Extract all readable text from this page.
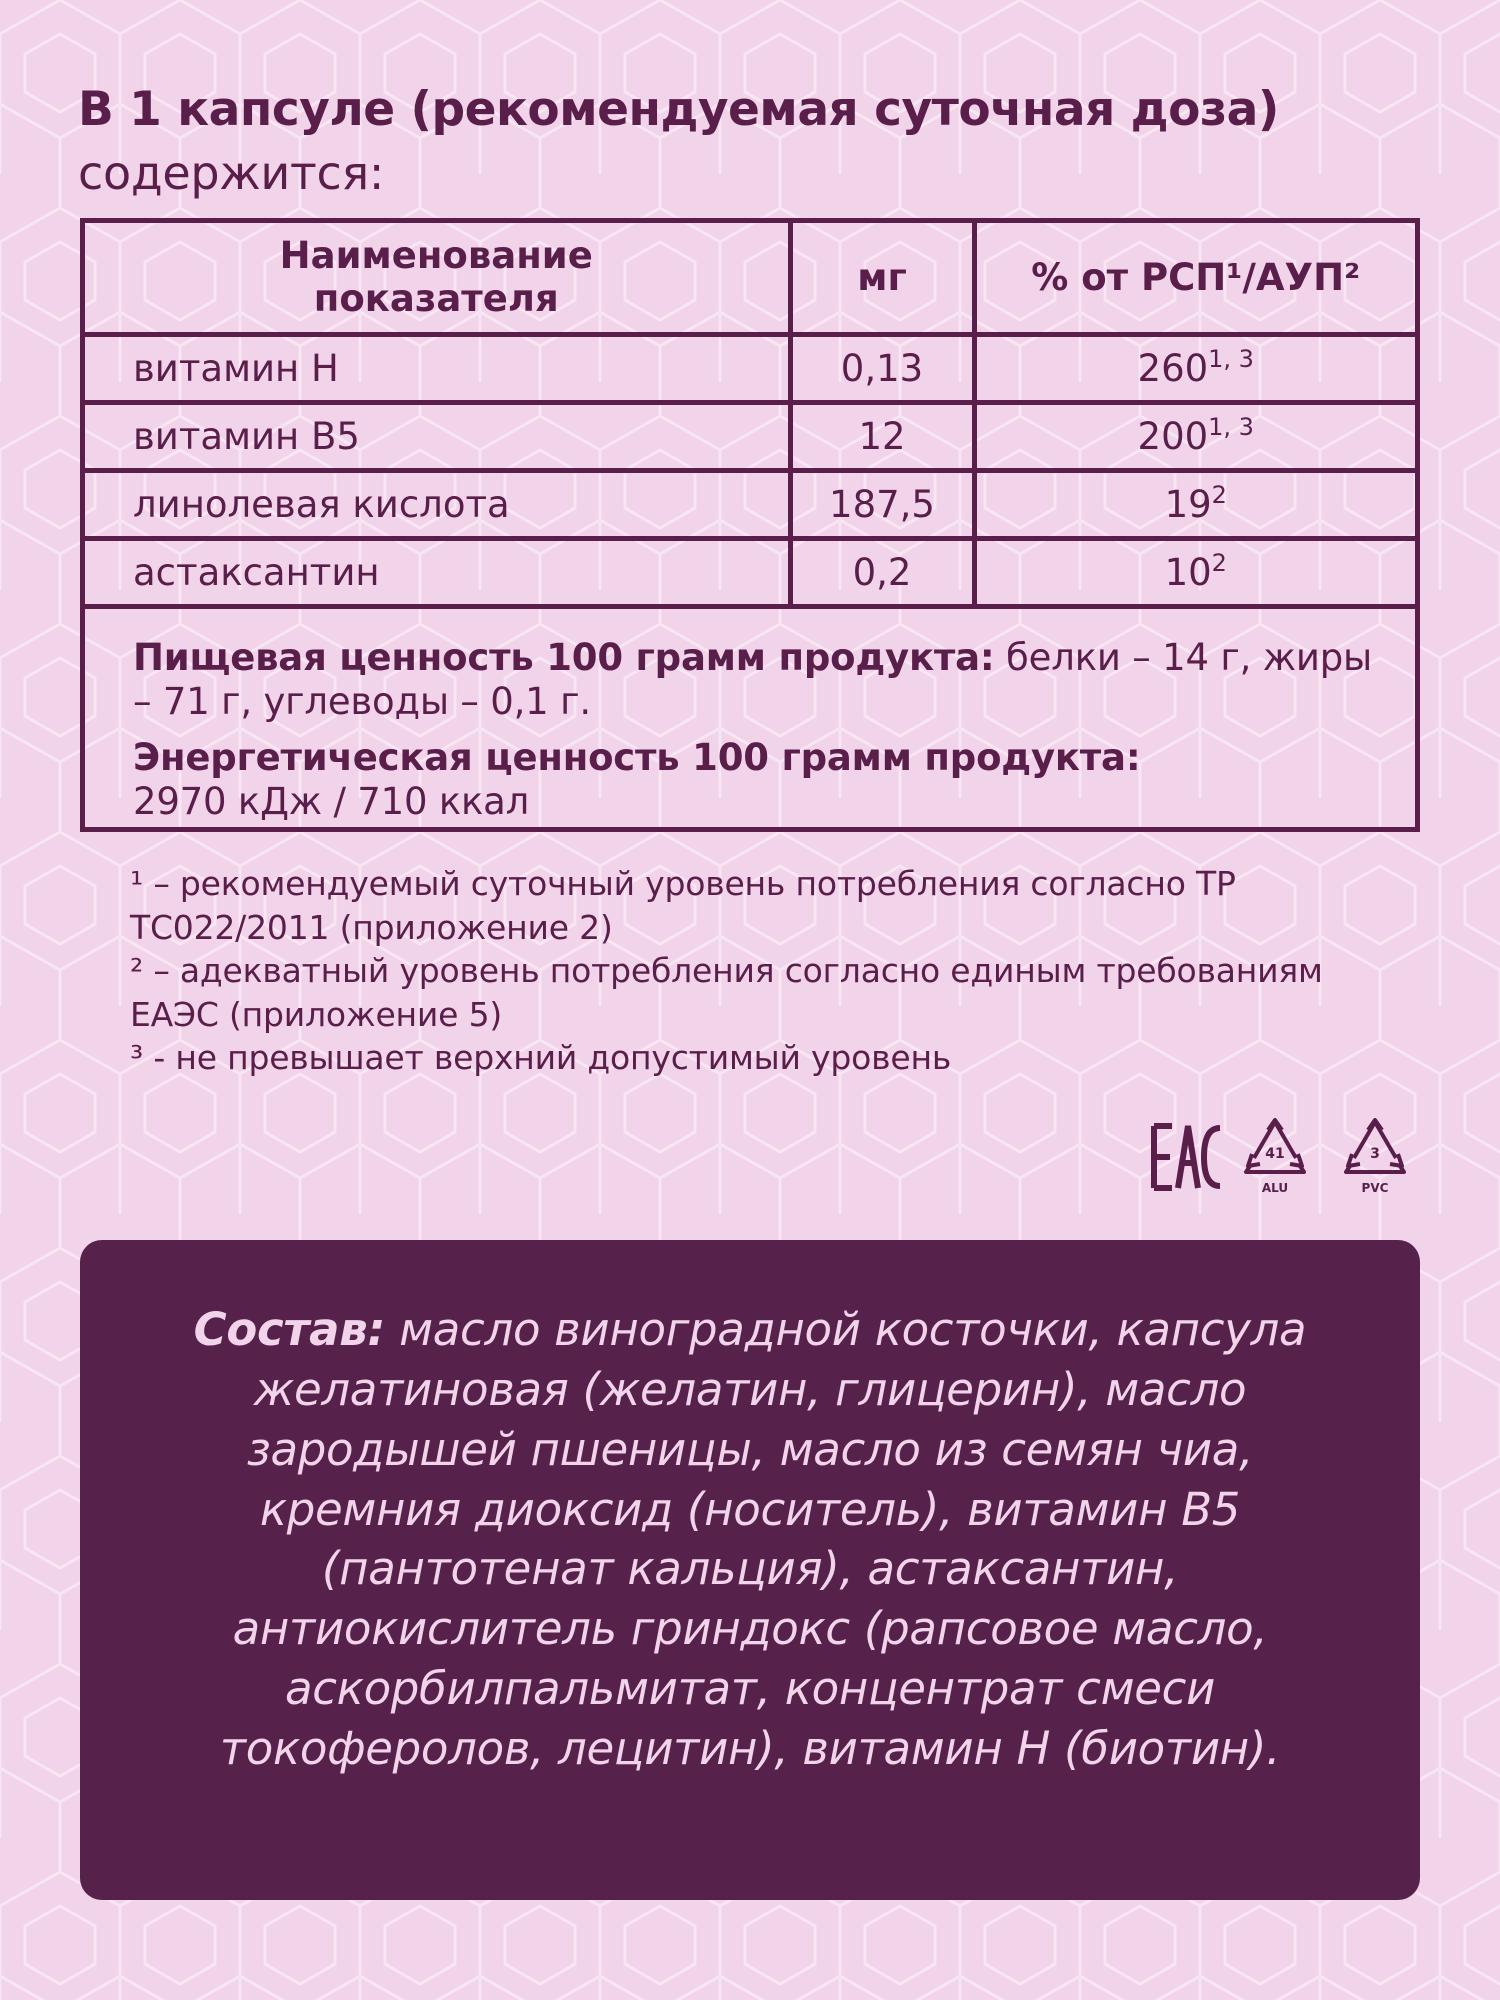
В 1 капсуле (рекомендуемая суточная доза)
содержится:
Наименование показателя	мг	% от РСП¹/АУП²
витамин H	0,13	260$^{1, 3}$
витамин B5	12	200$^{1, 3}$
линолевая кислота	187,5	$19^2$
астаксантин	0,2	$10^2$

Пищевая ценность 100 грамм продукта: белки – 14 г, жиры – 71 г, углеводы – 0,1 г.

Энергетическая ценность 100 грамм продукта:
2970 кДж / 710 ккал

¹ – рекомендуемый суточный уровень потребления согласно ТР ТС022/2011 (приложение 2)

² – адекватный уровень потребления согласно единым требованиям ЕАЭС (приложение 5)

³ - не превышает верхний допустимый уровень

41
ALU
3
PVC
Состав: масло виноградной косточки, капсула желатиновая (желатин, глицерин), масло зародышей пшеницы, масло из семян чиа, кремния диоксид (носитель), витамин В5 (пантотенат кальция), астаксантин, антиокислитель гриндокс (рапсовое масло, аскорбилпальмитат, концентрат смеси токоферолов, лецитин), витамин Н (биотин).
